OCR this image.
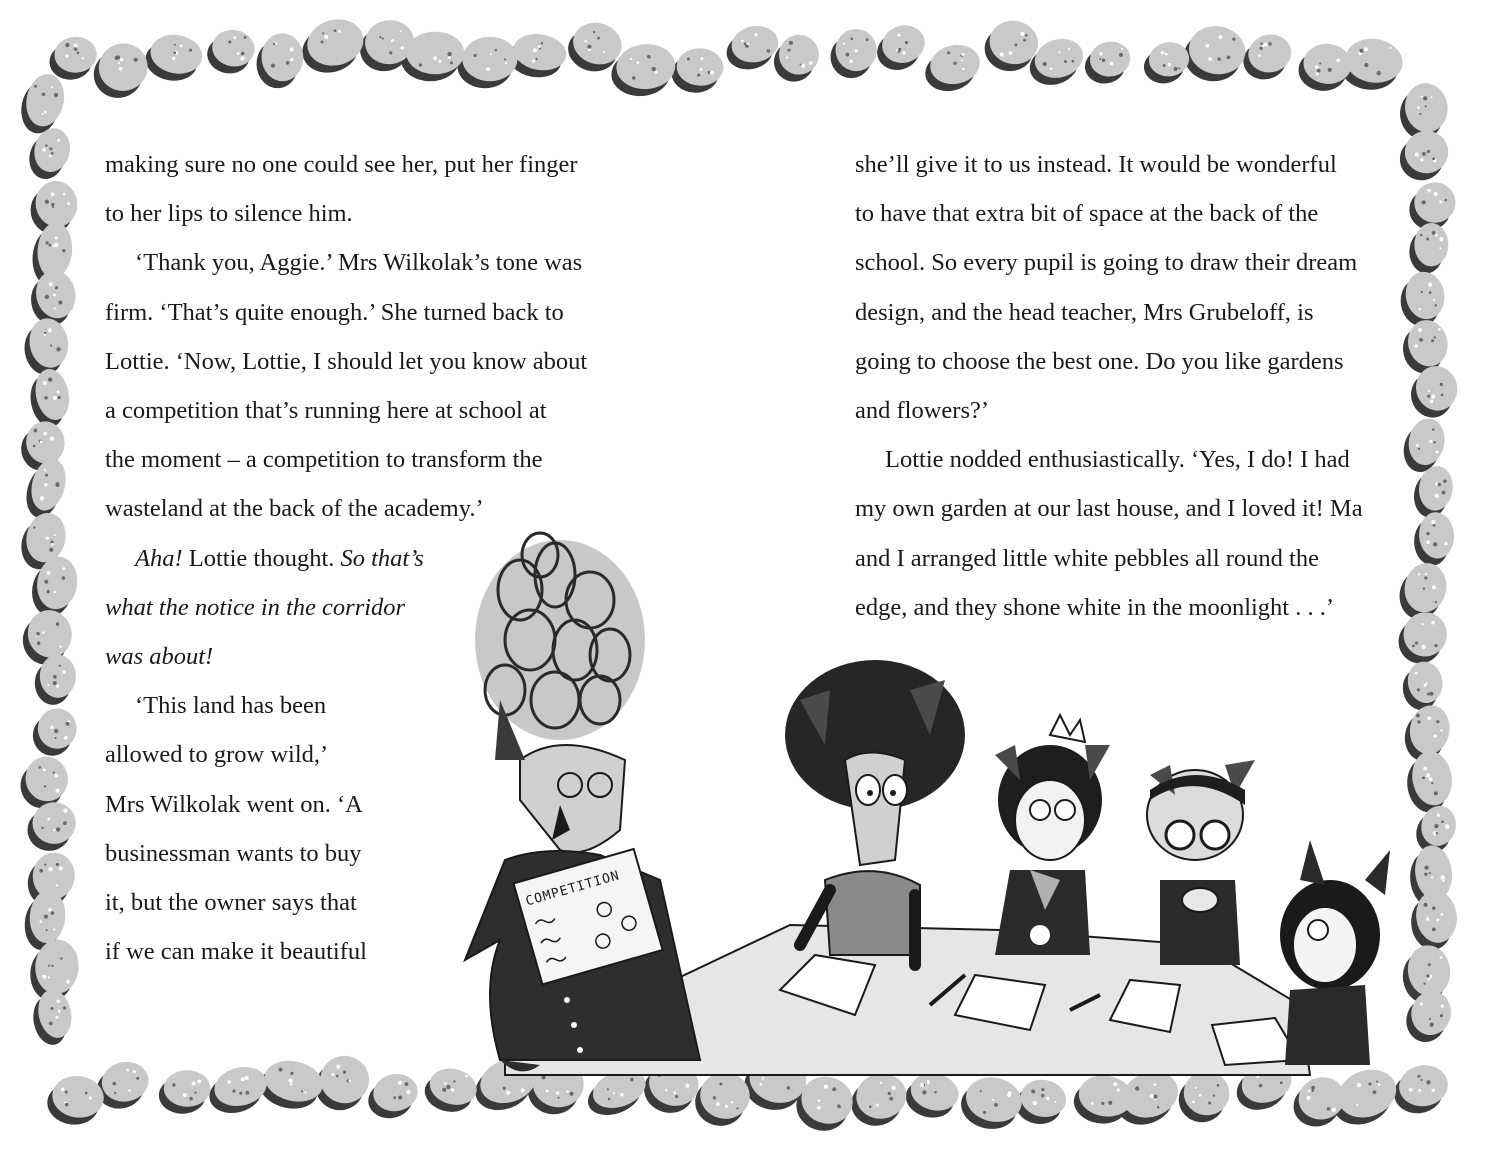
COMPETITION

making sure no one could see her, put her finger

to her lips to silence him.

‘Thank you, Aggie.’ Mrs Wilkolak’s tone was

firm. ‘That’s quite enough.’ She turned back to

Lottie. ‘Now, Lottie, I should let you know about

a competition that’s running here at school at

the moment – a competition to transform the

wasteland at the back of the academy.’

Aha! Lottie thought. So that’s

what the notice in the corridor

was about!

‘This land has been

allowed to grow wild,’

Mrs Wilkolak went on. ‘A

businessman wants to buy

it, but the owner says that

if we can make it beautiful

she’ll give it to us instead. It would be wonderful

to have that extra bit of space at the back of the

school. So every pupil is going to draw their dream

design, and the head teacher, Mrs Grubeloff, is

going to choose the best one. Do you like gardens

and flowers?’

Lottie nodded enthusiastically. ‘Yes, I do! I had

my own garden at our last house, and I loved it! Ma

and I arranged little white pebbles all round the

edge, and they shone white in the moonlight . . .’
